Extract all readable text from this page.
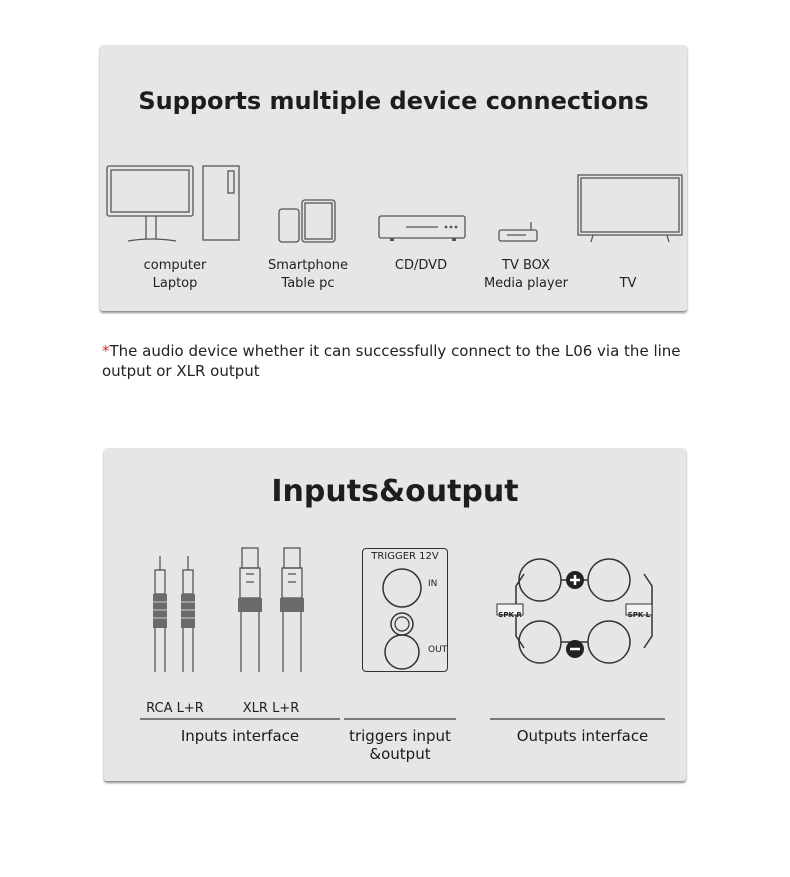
Supports multiple device connections
computer
Laptop
Smartphone
Table pc
CD/DVD	TV BOX
Media player	TV
*The audio device whether it can successfully connect to the L06 via the line output or XLR output
Inputs&output
RCA L+R	XLR L+R
Inputs interface
TRIGGER 12V
IN
OUT
triggers input
&output
SPK R	SPK L
Outputs interface
